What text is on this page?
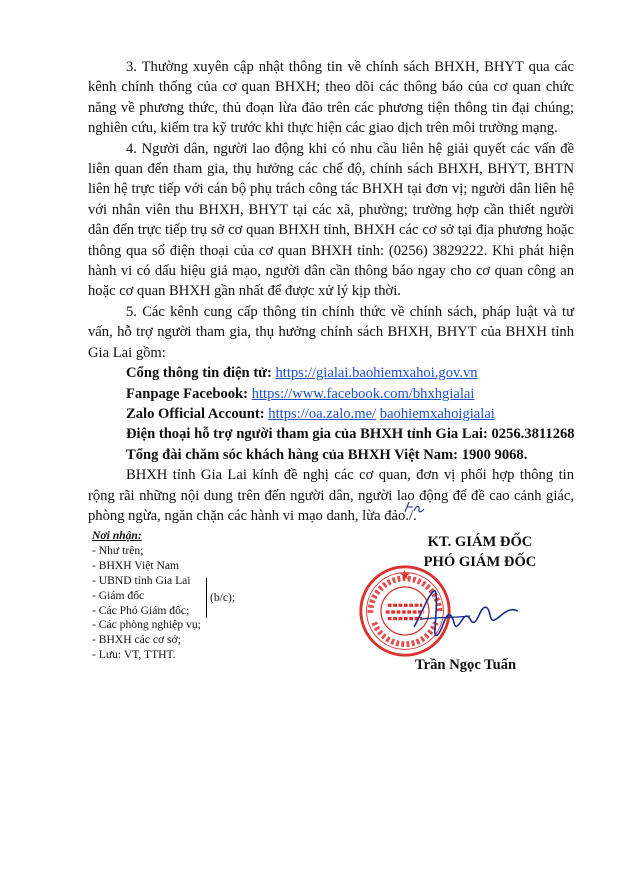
3. Thường xuyên cập nhật thông tin về chính sách BHXH, BHYT qua các kênh chính thống của cơ quan BHXH; theo dõi các thông báo của cơ quan chức năng về phương thức, thủ đoạn lừa đảo trên các phương tiện thông tin đại chúng; nghiên cứu, kiểm tra kỹ trước khi thực hiện các giao dịch trên môi trường mạng.

4. Người dân, người lao động khi có nhu cầu liên hệ giải quyết các vấn đề liên quan đến tham gia, thụ hưởng các chế độ, chính sách BHXH, BHYT, BHTN liên hệ trực tiếp với cán bộ phụ trách công tác BHXH tại đơn vị; người dân liên hệ với nhân viên thu BHXH, BHYT tại các xã, phường; trường hợp cần thiết người dân đến trực tiếp trụ sở cơ quan BHXH tỉnh, BHXH các cơ sở tại địa phương hoặc thông qua số điện thoại của cơ quan BHXH tỉnh: (0256) 3829222. Khi phát hiện hành vi có dấu hiệu giả mạo, người dân cần thông báo ngay cho cơ quan công an hoặc cơ quan BHXH gần nhất để được xử lý kịp thời.

5. Các kênh cung cấp thông tin chính thức về chính sách, pháp luật và tư vấn, hỗ trợ người tham gia, thụ hưởng chính sách BHXH, BHYT của BHXH tỉnh Gia Lai gồm:

Cổng thông tin điện tử: https://gialai.baohiemxahoi.gov.vn

Fanpage Facebook: https://www.facebook.com/bhxhgialai

Zalo Official Account: https://oa.zalo.me/ baohiemxahoigialai

Điện thoại hỗ trợ người tham gia của BHXH tỉnh Gia Lai: 0256.3811268

Tổng đài chăm sóc khách hàng của BHXH Việt Nam: 1900 9068.

BHXH tỉnh Gia Lai kính đề nghị các cơ quan, đơn vị phối hợp thông tin rộng rãi những nội dung trên đến người dân, người lao động để đề cao cảnh giác, phòng ngừa, ngăn chặn các hành vi mạo danh, lừa đảo./.

Nơi nhận:
- Như trên;
- BHXH Việt Nam
- UBND tỉnh Gia Lai
- Giám đốc
- Các Phó Giám đốc;
- Các phòng nghiệp vụ;
- BHXH các cơ sở;
- Lưu: VT, TTHT.
(b/c);
KT. GIÁM ĐỐC
PHÓ GIÁM ĐỐC
Trần Ngọc Tuấn
